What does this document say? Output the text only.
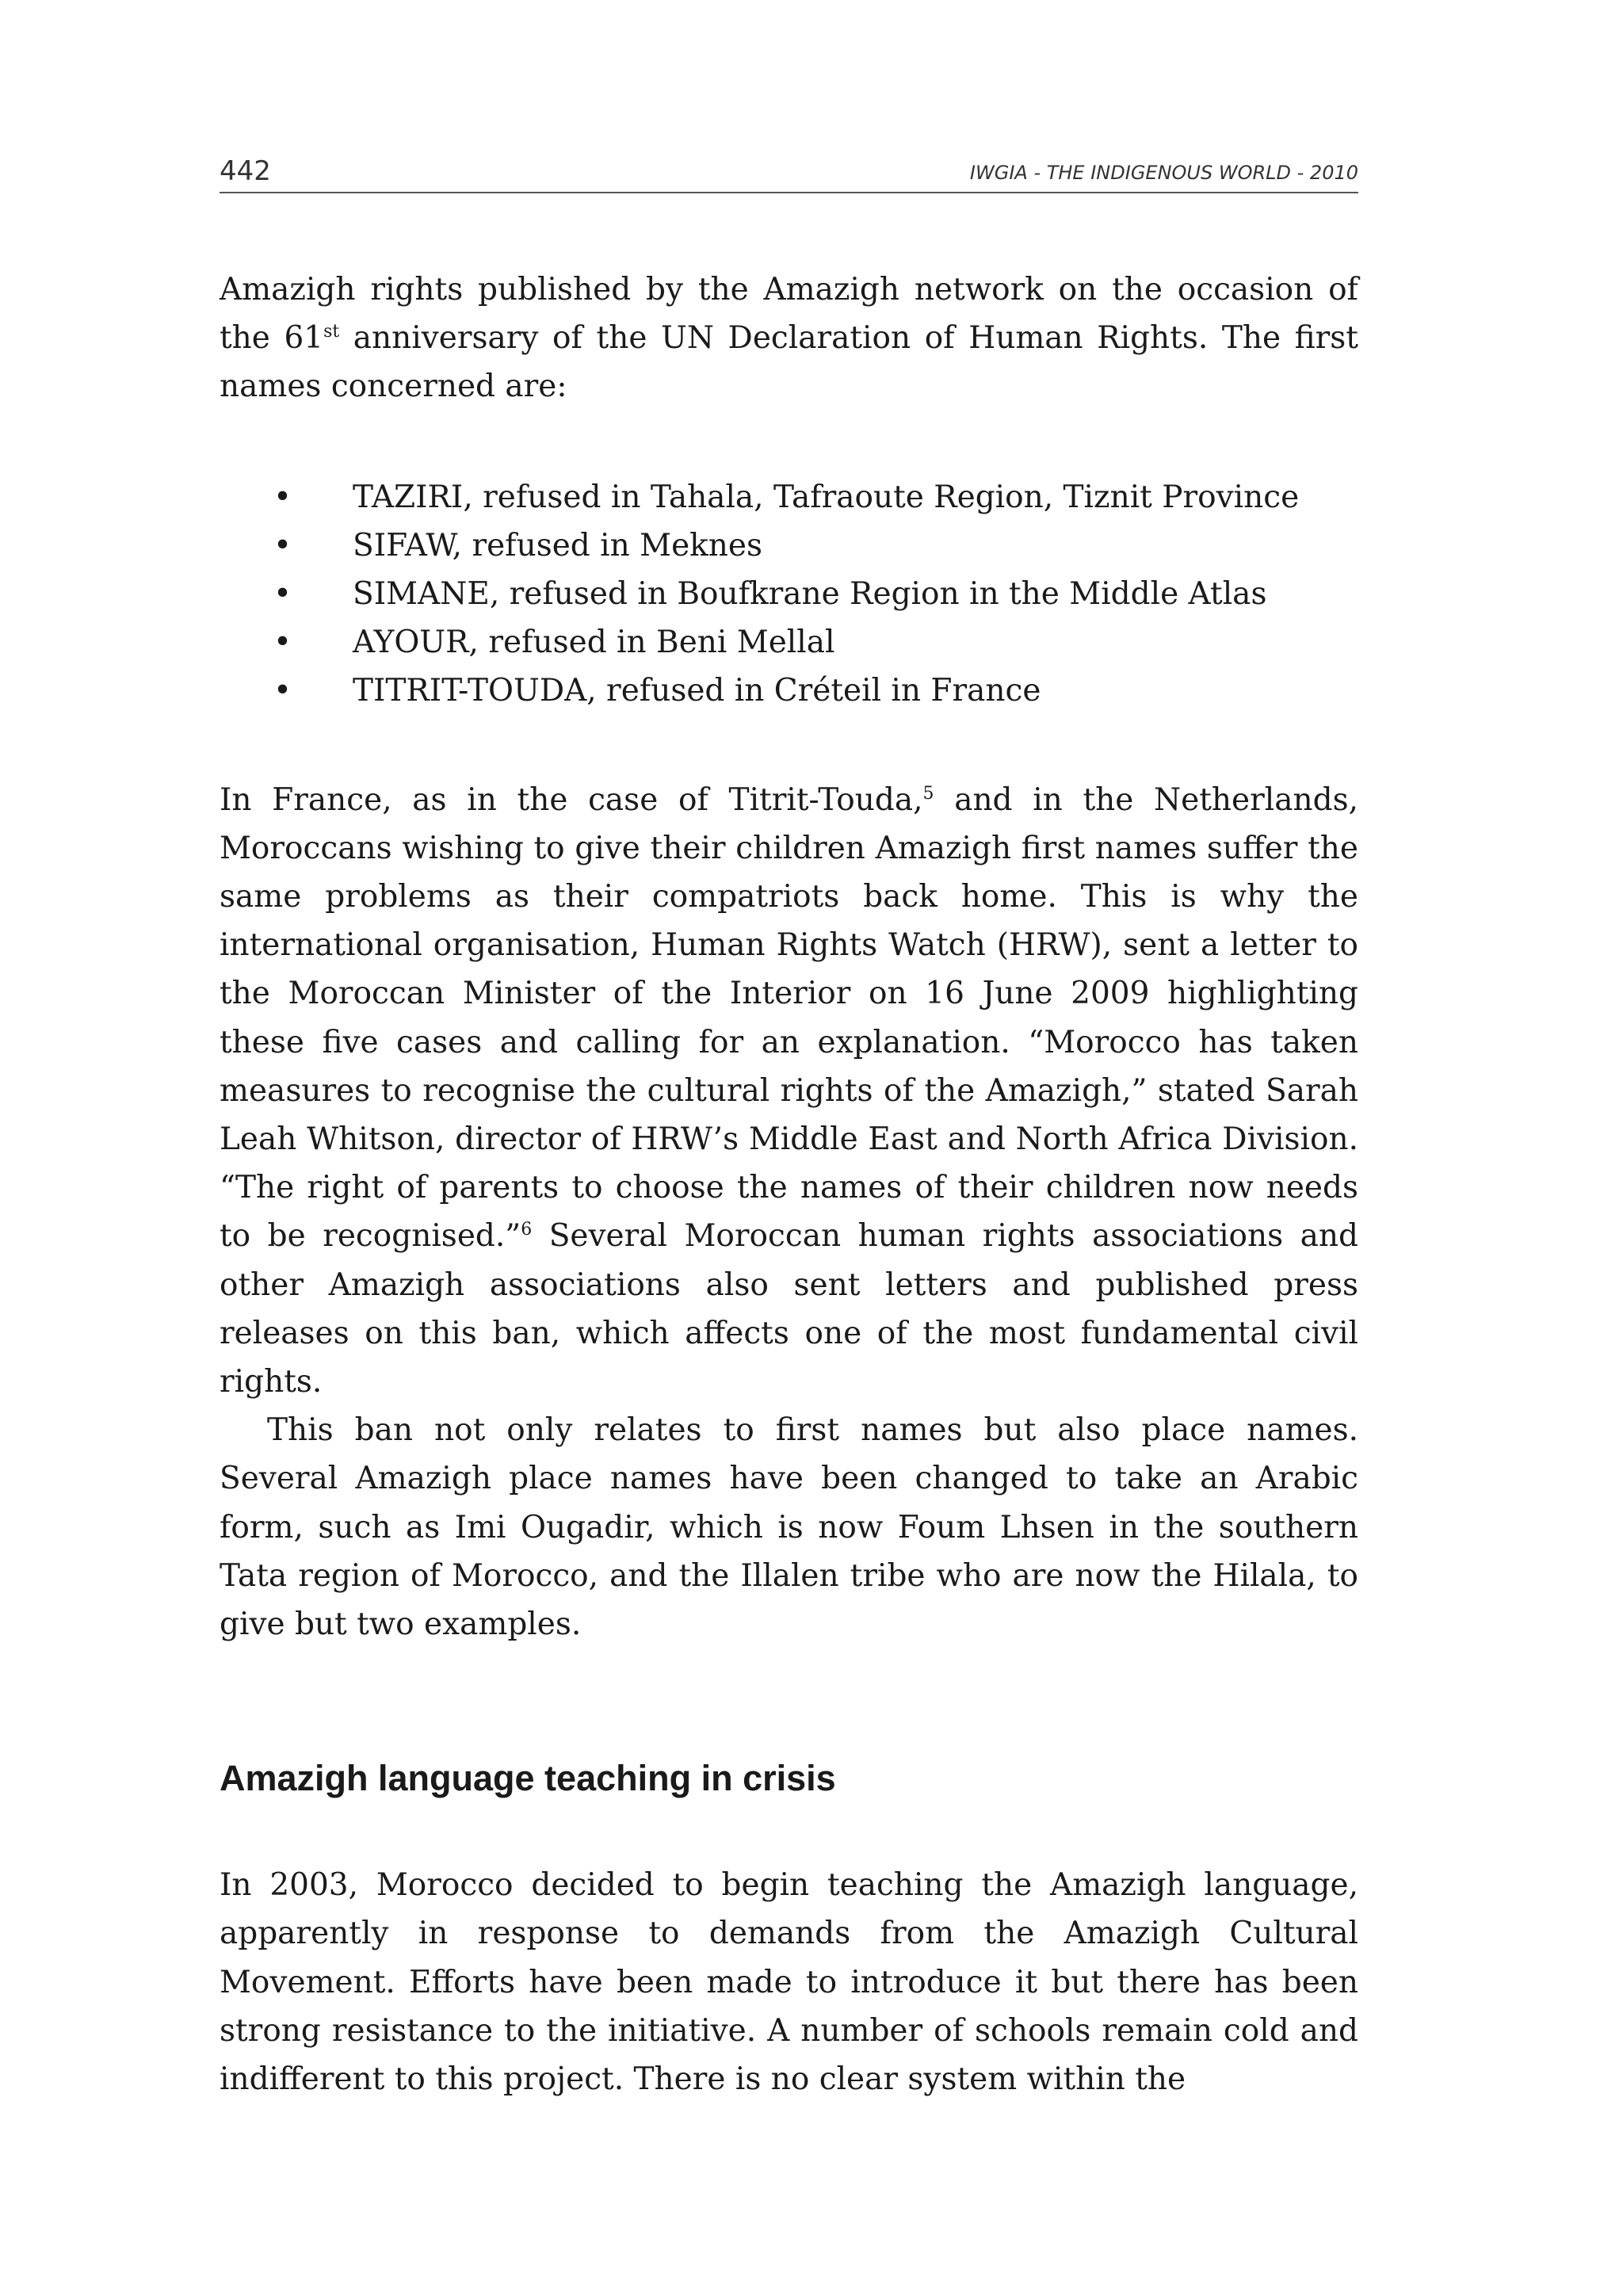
442	IWGIA - THE INDIGENOUS WORLD - 2010

Amazigh rights published by the Amazigh network on the occasion of the 61st anniversary of the UN Declaration of Human Rights. The first names concerned are:

• TAZIRI, refused in Tahala, Tafraoute Region, Tiznit Province
• SIFAW, refused in Meknes
• SIMANE, refused in Boufkrane Region in the Middle Atlas
• AYOUR, refused in Beni Mellal
• TITRIT-TOUDA, refused in Créteil in France

In France, as in the case of Titrit-Touda,$^5$ and in the Netherlands, Moroccans wishing to give their children Amazigh first names suffer the same problems as their compatriots back home. This is why the international organisation, Human Rights Watch (HRW), sent a letter to the Moroccan Minister of the Interior on 16 June 2009 highlighting these five cases and calling for an explanation. “Morocco has taken measures to recognise the cultural rights of the Amazigh,” stated Sarah Leah Whitson, director of HRW’s Middle East and North Africa Division. “The right of parents to choose the names of their children now needs to be recognised.”$^6$ Several Moroccan human rights associations and other Amazigh associations also sent letters and published press releases on this ban, which affects one of the most fundamental civil rights.

This ban not only relates to first names but also place names. Several Amazigh place names have been changed to take an Arabic form, such as Imi Ougadir, which is now Foum Lhsen in the southern Tata region of Morocco, and the Illalen tribe who are now the Hilala, to give but two examples.

Amazigh language teaching in crisis

In 2003, Morocco decided to begin teaching the Amazigh language, apparently in response to demands from the Amazigh Cultural Movement. Efforts have been made to introduce it but there has been strong resistance to the initiative. A number of schools remain cold and indifferent to this project. There is no clear system within the
